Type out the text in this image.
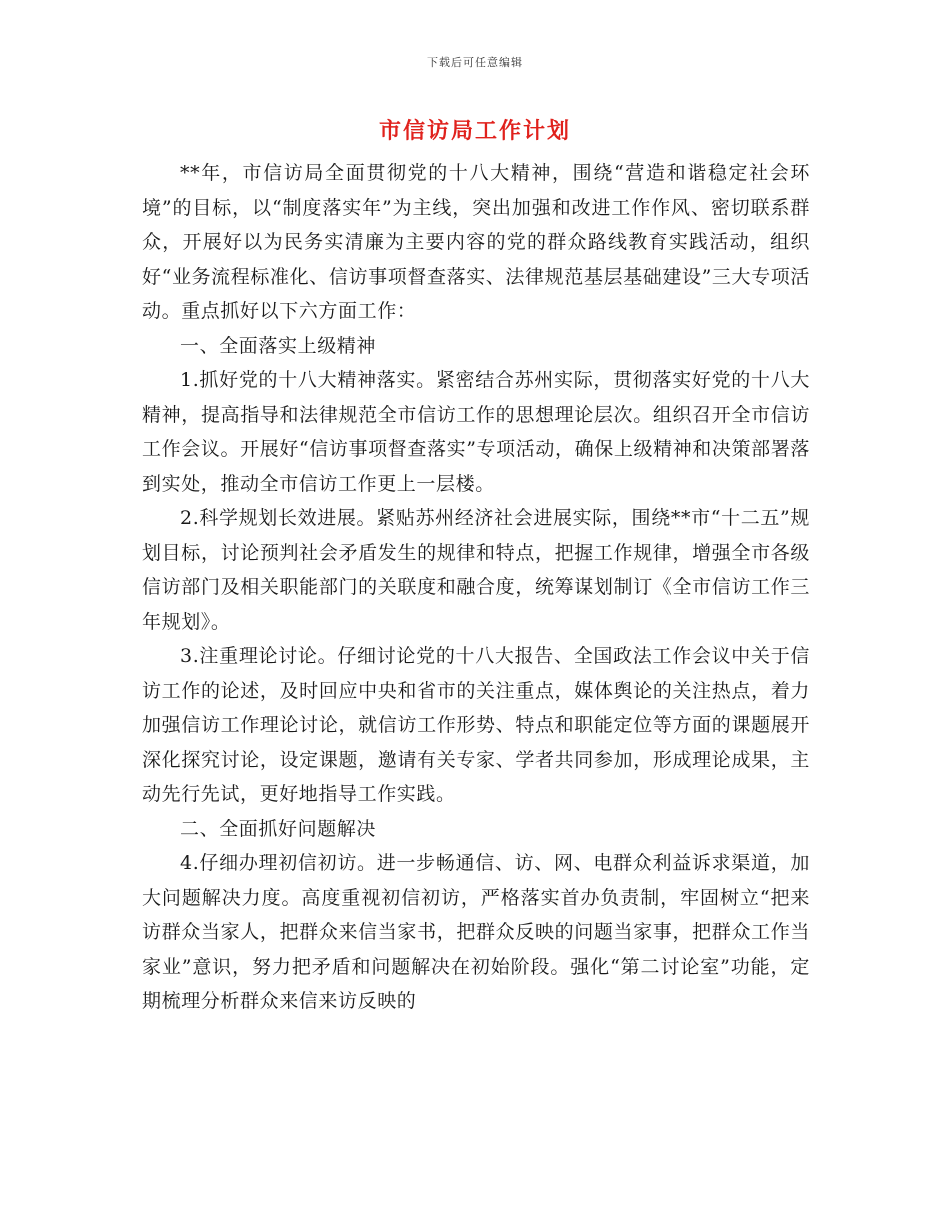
下载后可任意编辑
市信访局工作计划

**年，市信访局全面贯彻党的十八大精神，围绕“营造和谐稳定社会环境”的目标，以“制度落实年”为主线，突出加强和改进工作作风、密切联系群众，开展好以为民务实清廉为主要内容的党的群众路线教育实践活动，组织好“业务流程标准化、信访事项督查落实、法律规范基层基础建设”三大专项活动。重点抓好以下六方面工作：

一、全面落实上级精神

1.抓好党的十八大精神落实。紧密结合苏州实际，贯彻落实好党的十八大精神，提高指导和法律规范全市信访工作的思想理论层次。组织召开全市信访工作会议。开展好“信访事项督查落实”专项活动，确保上级精神和决策部署落到实处，推动全市信访工作更上一层楼。

2.科学规划长效进展。紧贴苏州经济社会进展实际，围绕**市“十二五”规划目标，讨论预判社会矛盾发生的规律和特点，把握工作规律，增强全市各级信访部门及相关职能部门的关联度和融合度，统筹谋划制订《全市信访工作三年规划》。

3.注重理论讨论。仔细讨论党的十八大报告、全国政法工作会议中关于信访工作的论述，及时回应中央和省市的关注重点，媒体舆论的关注热点，着力加强信访工作理论讨论，就信访工作形势、特点和职能定位等方面的课题展开深化探究讨论，设定课题，邀请有关专家、学者共同参加，形成理论成果，主动先行先试，更好地指导工作实践。

二、全面抓好问题解决

4.仔细办理初信初访。进一步畅通信、访、网、电群众利益诉求渠道，加大问题解决力度。高度重视初信初访，严格落实首办负责制，牢固树立“把来访群众当家人，把群众来信当家书，把群众反映的问题当家事，把群众工作当家业”意识，努力把矛盾和问题解决在初始阶段。强化“第二讨论室”功能，定期梳理分析群众来信来访反映的
